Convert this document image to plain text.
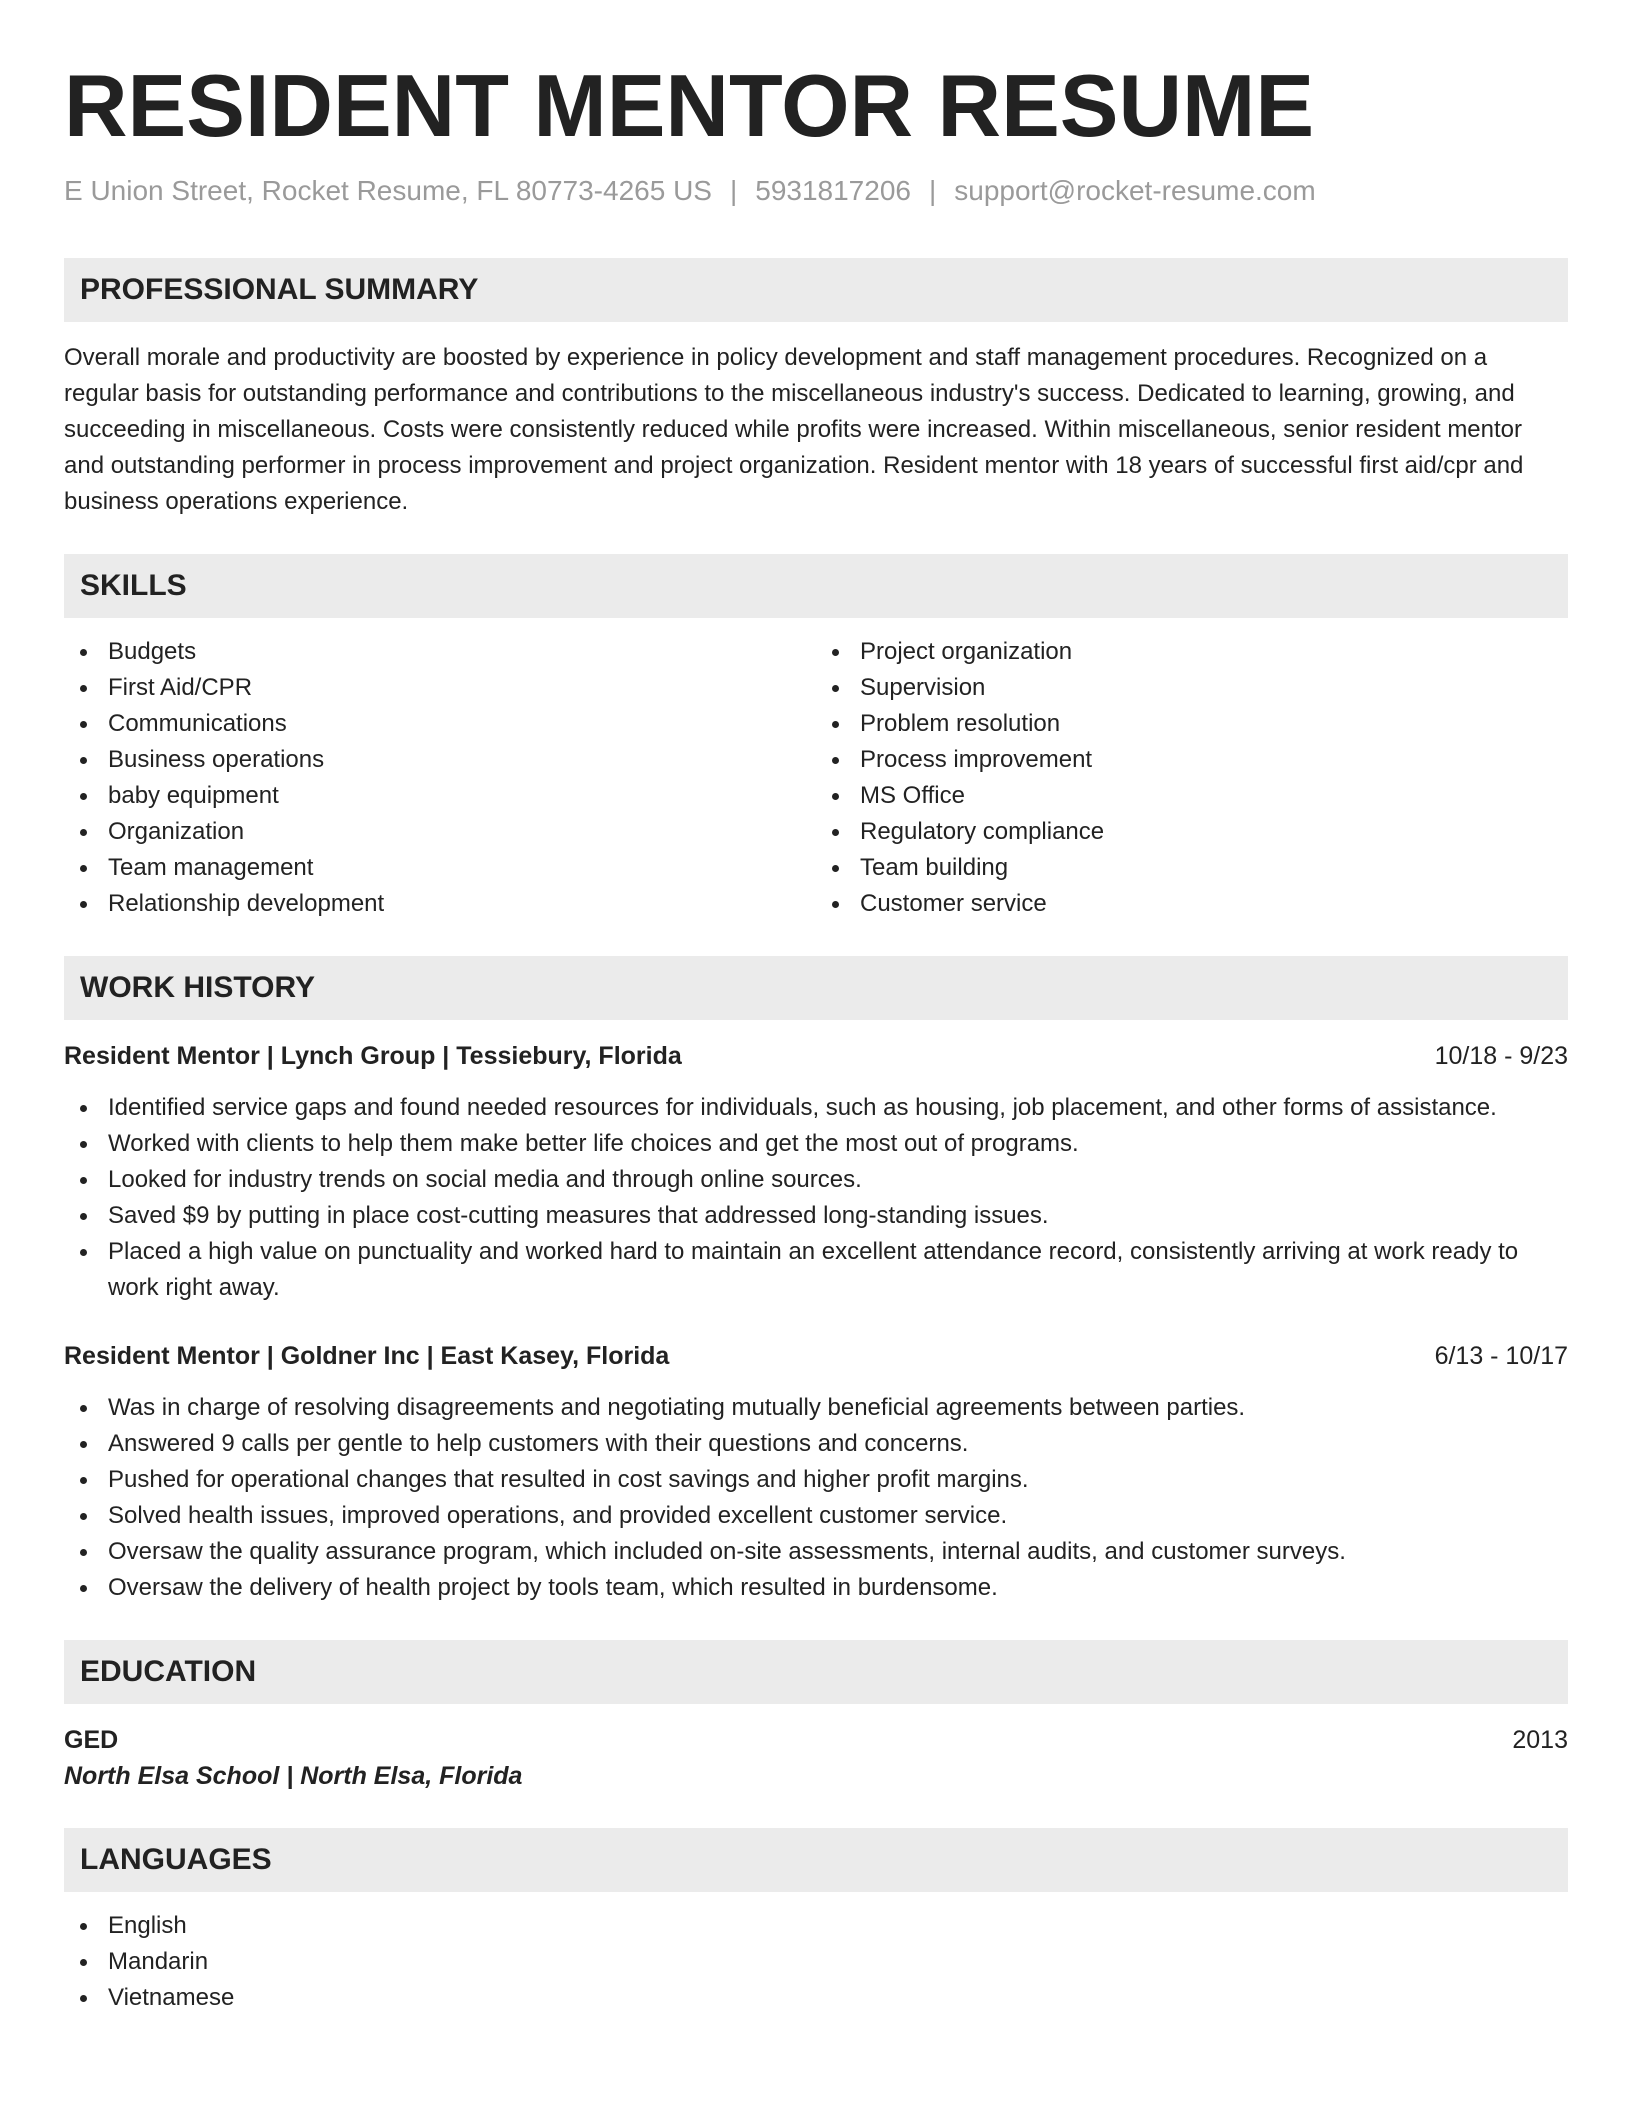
RESIDENT MENTOR RESUME
E Union Street, Rocket Resume, FL 80773-4265 US | 5931817206 | support@rocket-resume.com
PROFESSIONAL SUMMARY

Overall morale and productivity are boosted by experience in policy development and staff management procedures. Recognized on a regular basis for outstanding performance and contributions to the miscellaneous industry's success. Dedicated to learning, growing, and succeeding in miscellaneous. Costs were consistently reduced while profits were increased. Within miscellaneous, senior resident mentor and outstanding performer in process improvement and project organization. Resident mentor with 18 years of successful first aid/cpr and business operations experience.

SKILLS
Budgets
First Aid/CPR
Communications
Business operations
baby equipment
Organization
Team management
Relationship development
Project organization
Supervision
Problem resolution
Process improvement
MS Office
Regulatory compliance
Team building
Customer service
WORK HISTORY
Resident Mentor | Lynch Group | Tessiebury, Florida	10/18 - 9/23
Identified service gaps and found needed resources for individuals, such as housing, job placement, and other forms of assistance.
Worked with clients to help them make better life choices and get the most out of programs.
Looked for industry trends on social media and through online sources.
Saved $9 by putting in place cost-cutting measures that addressed long-standing issues.
Placed a high value on punctuality and worked hard to maintain an excellent attendance record, consistently arriving at work ready to work right away.
Resident Mentor | Goldner Inc | East Kasey, Florida	6/13 - 10/17
Was in charge of resolving disagreements and negotiating mutually beneficial agreements between parties.
Answered 9 calls per gentle to help customers with their questions and concerns.
Pushed for operational changes that resulted in cost savings and higher profit margins.
Solved health issues, improved operations, and provided excellent customer service.
Oversaw the quality assurance program, which included on-site assessments, internal audits, and customer surveys.
Oversaw the delivery of health project by tools team, which resulted in burdensome.
EDUCATION
GED	2013
North Elsa School | North Elsa, Florida
LANGUAGES
English
Mandarin
Vietnamese
